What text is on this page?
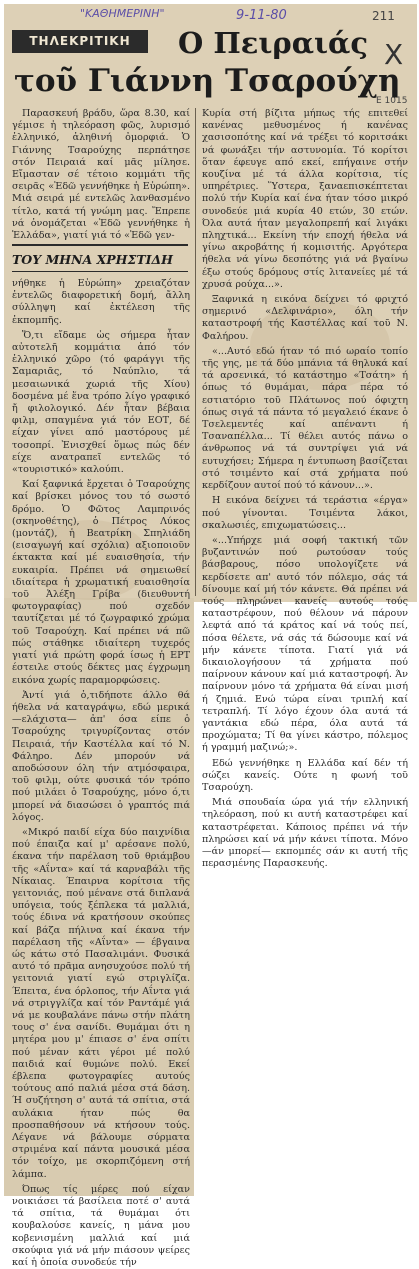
"ΚΑΘΗΜΕΡΙΝΗ"	9-11-80	211
X
E 1015
ΤΗΛΕΚΡΙΤΙΚΗ	Ο Πειραιάς
τοῦ Γιάννη Τσαρούχη

Παρασκευή βράδυ, ὥρα 8.30, καί γέμισε ἡ τηλεόραση φῶς, λυρισμό ἑλληνικό, ἀληθινή ὀμορφιά. Ὁ Γιάννης Τσαρούχης περπάτησε στόν Πειραιά καί μᾶς μίλησε. Εἴμασταν σέ τέτοιο κομμάτι τῆς σειρᾶς «Ἐδῶ γεννήθηκε ἡ Εὐρώπη». Μιά σειρά μέ εντελῶς λανθασμένο τίτλο, κατά τή γνώμη μας. Ἔπρεπε νά ὀνομάζεται «Ἐδῶ γεννήθηκε ἡ Ἑλλάδα», γιατί γιά τό «Ἐδῶ γεν-

ΤΟΥ ΜΗΝΑ ΧΡΗΣΤΙΔΗ

νήθηκε ἡ Εὐρώπη» χρειαζόταν ἐντελῶς διαφορετική δομή, ἄλλη σύλληψη καί ἐκτέλεση τῆς ἐκπομπῆς.

Ὅ,τι εἴδαμε ὡς σήμερα ἦταν αὐτοτελῆ κομμάτια ἀπό τόν ἑλληνικό χῶρο (τό φαράγγι τῆς Σαμαριᾶς, τό Ναύπλιο, τά μεσαιωνικά χωριά τῆς Χίου) δοσμένα μέ ἕνα τρόπο λίγο γραφικό ἤ φιλολογικό. Δέν ἦταν βέβαια φιλμ, σπαγμένα γιά τόν ΕΟΤ, δέ είχαν γίνει από μαστόρους μέ τοσοπρί. Ἐνισχθεί ὅμως πώς δέν είχε ανατραπεῖ εντελῶς τό «τουριστικό» καλούπι.

Καί ξαφνικά ἔρχεται ὁ Τσαρούχης καί βρίσκει μόνος του τό σωστό δρόμο. Ὁ Φῶτος Λαμπρινός (σκηνοθέτης), ὁ Πέτρος Λύκος (μοντάζ), ἡ Βεατρίκη Σπηλιάδη (εισαγωγή καί σχόλια) αξιοποιοῦν έκτακτα καί μέ ευαισθησία, τήν ευκαιρία. Πρέπει νά σημειωθεί ιδιαίτερα ἡ χρωματική ευαισθησία τοῦ Ἀλέξη Γρίβα (διευθυντή φωτογραφίας) πού σχεδόν ταυτίζεται μέ τό ζωγραφικό χρώμα τοῦ Τσαρούχη. Καί πρέπει νά πῶ πώς στάθηκε ιδιαίτερη τυχερός γιατί γιά πρώτη φορά ίσως ἡ ΕΡΤ έστειλε στούς δέκτες μας έγχρωμη εικόνα χωρίς παραμορφώσεις.

Ἀντί γιά ὁ,τιδήποτε άλλο θά ήθελα νά καταγράψω, εδώ μερικά —ελάχιστα— ἀπ' όσα είπε ὁ Τσαρούχης τριγυρίζοντας στόν Πειραιά, τήν Καστέλλα καί τό Ν. Φάληρο. Δέν μπορούν νά αποδώσουν όλη τήν ατμόσφαιρα, τοῦ φιλμ, ούτε φυσικά τόν τρόπο πού μιλάει ὁ Τσαρούχης, μόνο ό,τι μπορεί νά διασώσει ὁ γραπτός πιά λόγος.

«Μικρό παιδί είχα δύο παιχνίδια πού έπαιζα καί μ' αρέσανε πολύ, έκανα τήν παρέλαση τοῦ θριάμβου τῆς «Αΐντα» καί τά καρναβάλι τῆς Νίκαιας. Έπαιρνα κορίτσια τῆς γειτονιάς, πού μένανε στά διπλανά υπόγεια, τούς ξέπλεκα τά μαλλιά, τούς έδινα νά κρατήσουν σκούπες καί βάζα πήλινα καί έκανα τήν παρέλαση τῆς «Αΐντα» — έβγαινα ώς κάτω στό Πασαλιμάνι. Φυσικά αυτό τό πρᾶμα ανησυχούσε πολύ τή γειτονιά γιατί εγώ στριγλίζα. Έπειτα, ένα όρλοπος, τήν Αΐντα γιά νά στριγγλίζα καί τόν Ραντάμέ γιά νά με κουβαλάνε πάνω στήν πλάτη τους σ' ένα σανίδι. Θυμάμαι ότι η μητέρα μου μ' έπιασε σ' ένα σπίτι πού μέναν κάτι γέροι μέ πολύ παιδιά καί θυμώνε πολύ. Εκεί έβλεπα φωτογραφίες αυτούς τούτους από παλιά μέσα στά δάση. Ή συζήτηση σ' αυτά τά σπίτια, στά αυλάκια ήταν πώς θα προσπαθήσουν νά κτήσουν τούς. Λέγανε νά βάλουμε σύρματα στριμένα καί πάντα μουσικά μέσα τόν τοίχο, με σκορπιζόμενη στή λάμπα.

Όπως τίς μέρες πού είχαν νοικιάσει τά βασίλεια ποτέ σ' αυτά τά σπίτια, τά θυμάμαι ότι κουβαλούσε κανείς, η μάνα μου κοβενισμένη μαλλιά καί μιά σκούφια γιά νά μήν πιάσουν ψείρες καί ἡ ὁποία συνοδεύε τήν

Κυρία στή βίζιτα μήπως τής επιτεθεί κανένας μεθυσμένος ή κανένας χασισοπότης καί νά τρέξει τό κοριτσάκι νά φωνάξει τήν αστυνομία. Τό κορίτσι ὅταν έφευγε από εκεί, επήγαινε στήν κουζίνα μέ τά άλλα κορίτσια, τίς υπηρέτριες. Ὕστερα, ξαναεπισκέπτεται πολύ τήν Κυρία καί ένα ήταν τόσο μικρό συνοδεύε μιά κυρία 40 ετών, 30 ετών. Όλα αυτά ήταν μεγαλοπρεπή καί λιγάκι πληχτικά... Εκείνη τήν εποχή ήθελα νά γίνω ακροβάτης ή κομισιτής. Αργότερα ήθελα νά γίνω δεσπότης γιά νά βγαίνω έξω στούς δρόμους στίς λιτανείες μέ τά χρυσά ρούχα...».

Ξαφνικά η εικόνα δείχνει τό φριχτό σημερινό «Δελφινάριο», όλη τήν καταστροφή τής Καστέλλας καί τοῦ Ν. Φαλήρου.

«...Αυτό εδώ ήταν τό πιό ωραίο τοπίο τῆς γης, με τά δύο μπάνια τά θηλυκά καί τά αρσενικά, τό κατάστημο «Τσάτη» ή όπως τό θυμάμαι, πάρα πέρα τό εστιατόριο τοῦ Πλάτωνος πού όφιχτη όπως σιγά τά πάντα τό μεγαλειό έκανε ὁ Τσελεμεντές καί απέναντι ή Τσαναπέλλα... Τί θέλει αυτός πάνω ο άνθρωπος νά τά συντρίψει γιά νά ευτυχήσει; Σήμερα η έντυπωση βασίζεται στό τσιμέντο καί στά χρήματα πού κερδίζουν αυτοί πού τό κάνουν...».

Η εικόνα δείχνει τά τεράστια «έργα» πού γίνονται. Τσιμέντα λάκοι, σκαλωσιές, επιχωματώσεις...

«...Υπήρχε μιά σοφή τακτική τῶν βυζαντινών πού ρωτούσαν τούς βάσβαρους, πόσο υπολογίζετε νά κερδίσετε απ' αυτό τόν πόλεμο, σάς τά δίνουμε καί μή τόν κάνετε. Θά πρέπει νά τούς πληρώνει κανείς αυτούς τούς καταστρέφουν, πού θέλουν νά πάρουν λεφτά από τά κράτος καί νά τούς πεί, πόσα θέλετε, νά σάς τά δώσουμε καί νά μήν κάνετε τίποτα. Γιατί γιά νά δικαιολογήσουν τά χρήματα πού παίρνουν κάνουν καί μιά καταστροφή. Άν παίρνουν μόνο τά χρήματα θά είναι μισή ή ζημιά. Ενώ τώρα είναι τριπλή καί τετραπλή. Τί λόγο έχουν όλα αυτά τά γαντάκια εδώ πέρα, όλα αυτά τά προχώματα; Τί θα γίνει κάστρο, πόλεμος ή γραμμή μαζινώ;».

Εδώ γεννήθηκε η Ελλάδα καί δέν τή σώζει κανείς. Ούτε η φωνή τοῦ Τσαρούχη.

Μιά σπουδαία ώρα γιά τήν ελληνική τηλεόραση, πού κι αυτή καταστρέφει καί καταστρέφεται. Κάποιος πρέπει νά τήν πληρώσει καί νά μήν κάνει τίποτα. Μόνο —άν μπορεί— εκπομπές σάν κι αυτή τῆς περασμένης Παρασκευής.
